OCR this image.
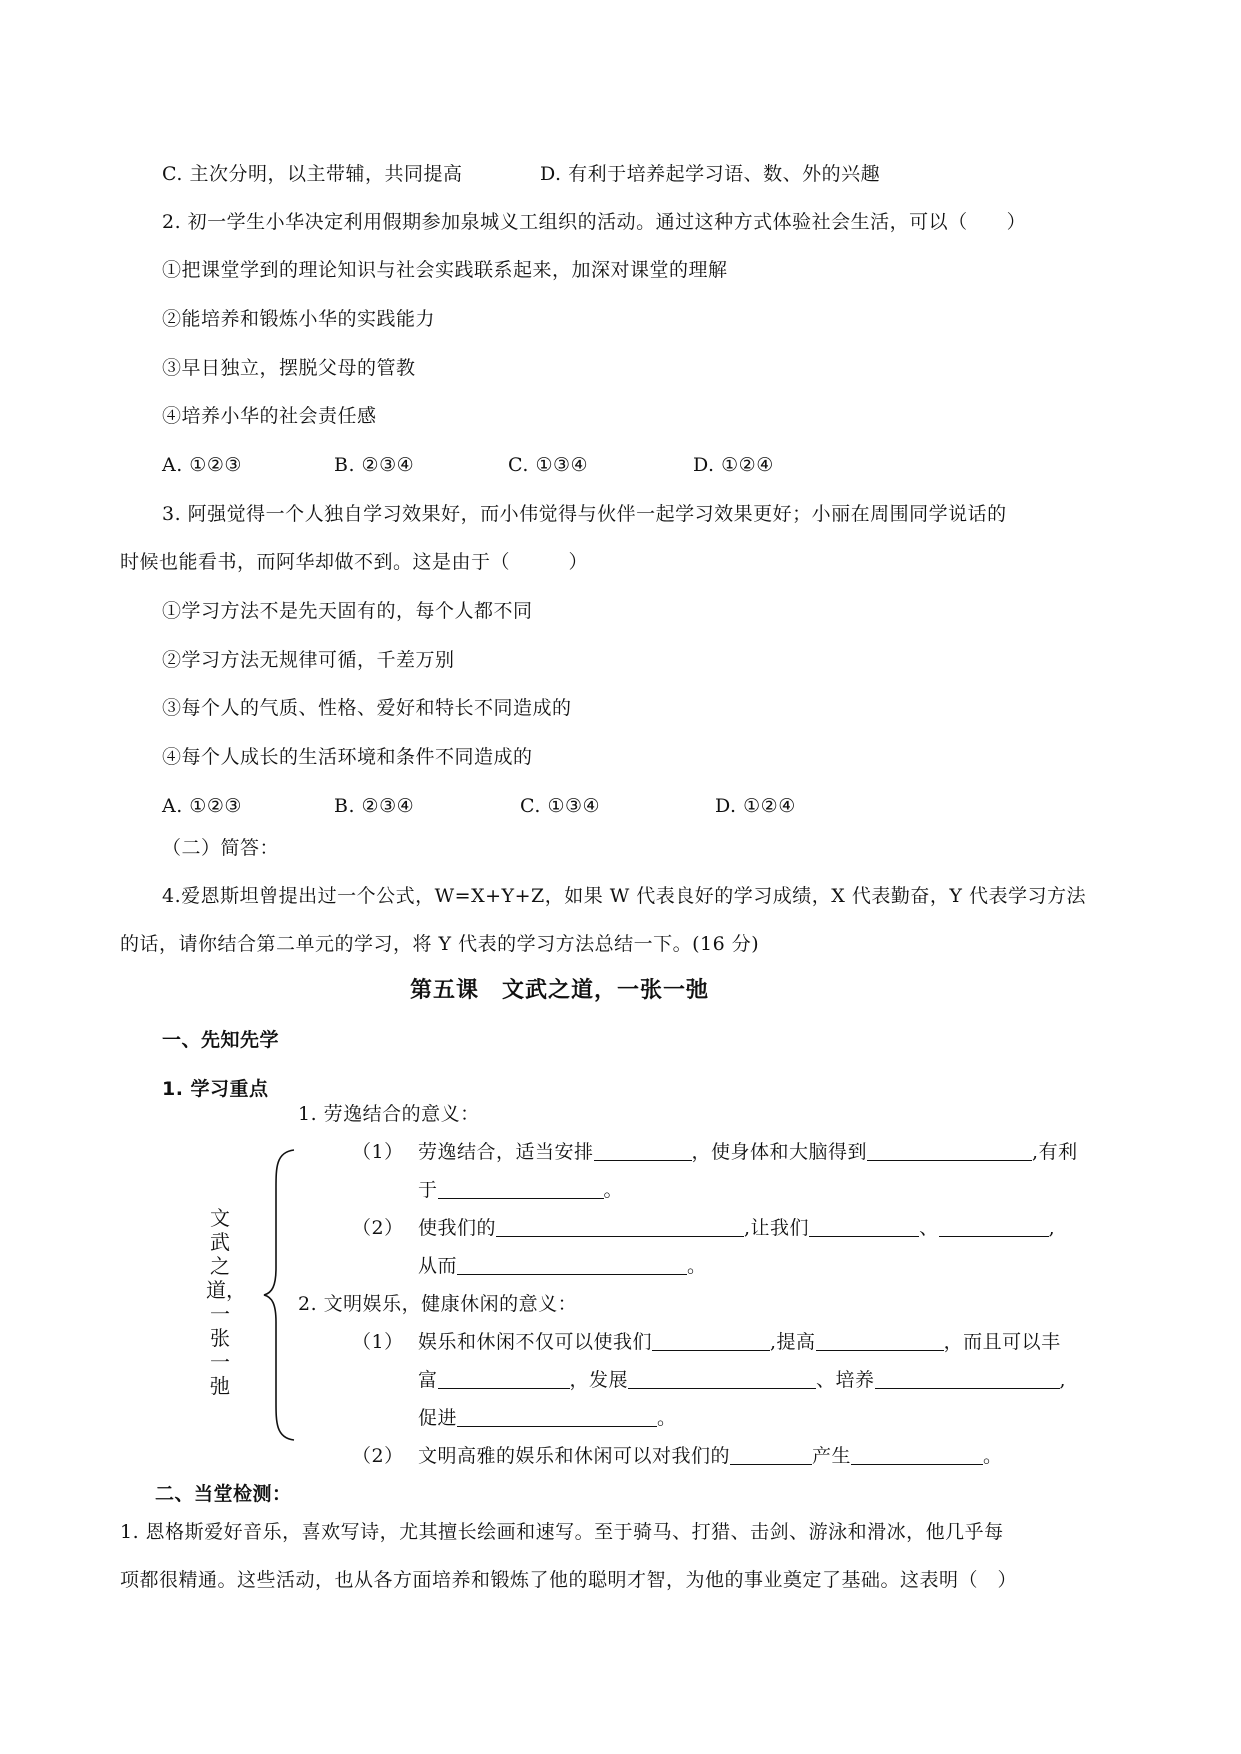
C. 主次分明，以主带辅，共同提高	D. 有利于培养起学习语、数、外的兴趣
2. 初一学生小华决定利用假期参加泉城义工组织的活动。通过这种方式体验社会生活，可以（　　）
①把课堂学到的理论知识与社会实践联系起来，加深对课堂的理解
②能培养和锻炼小华的实践能力
③早日独立，摆脱父母的管教
④培养小华的社会责任感
A. ①②③	B. ②③④	C. ①③④	D. ①②④
3. 阿强觉得一个人独自学习效果好，而小伟觉得与伙伴一起学习效果更好；小丽在周围同学说话的
时候也能看书，而阿华却做不到。这是由于（　　　）
①学习方法不是先天固有的，每个人都不同
②学习方法无规律可循，千差万别
③每个人的气质、性格、爱好和特长不同造成的
④每个人成长的生活环境和条件不同造成的
A. ①②③	B. ②③④	C. ①③④	D. ①②④
（二）简答：
4.爱恩斯坦曾提出过一个公式，W=X+Y+Z，如果 W 代表良好的学习成绩，X 代表勤奋，Y 代表学习方法
的话，请你结合第二单元的学习，将 Y 代表的学习方法总结一下。(16 分)
第五课　文武之道，一张一弛
一、先知先学
1. 学习重点
文武之道，一张一弛
1. 劳逸结合的意义：
（1） 劳逸结合，适当安排	，使身体和大脑得到	,有利
于	。
（2） 使我们的	,让我们	、	,
从而	。
2. 文明娱乐，健康休闲的意义：
（1） 娱乐和休闲不仅可以使我们	,提高	，而且可以丰
富	，发展	、培养	,
促进	。
（2） 文明高雅的娱乐和休闲可以对我们的	产生	。
二、当堂检测：
1. 恩格斯爱好音乐，喜欢写诗，尤其擅长绘画和速写。至于骑马、打猎、击剑、游泳和滑冰，他几乎每
项都很精通。这些活动，也从各方面培养和锻炼了他的聪明才智，为他的事业奠定了基础。这表明（　）
